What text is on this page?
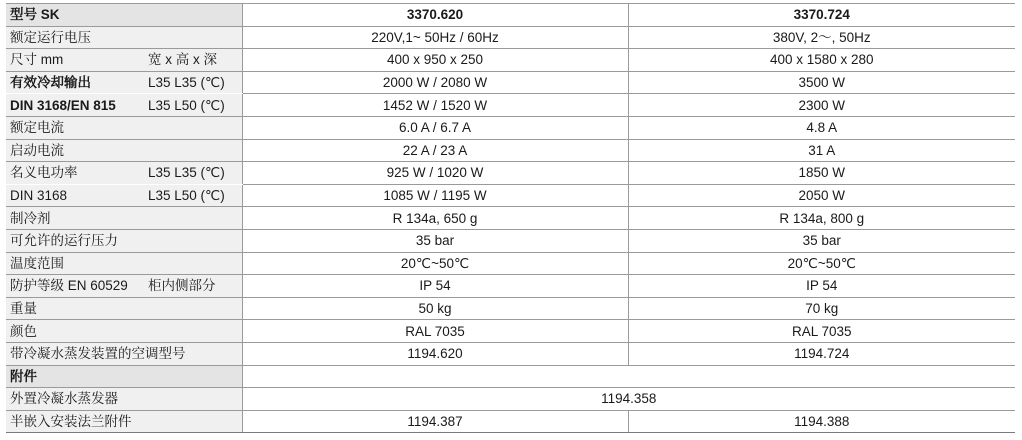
型号 SK		3370.620	3370.724
额定运行电压		220V,1~ 50Hz / 60Hz	380V, 2〜, 50Hz
尺寸 mm	宽 x 高 x 深	400 x 950 x 250	400 x 1580 x 280
有效冷却输出	L35 L35 (℃)	2000 W / 2080 W	3500 W
DIN 3168/EN 815	L35 L50 (℃)	1452 W / 1520 W	2300 W
额定电流		6.0 A / 6.7 A	4.8 A
启动电流		22 A / 23 A	31 A
名义电功率	L35 L35 (℃)	925 W / 1020 W	1850 W
DIN 3168	L35 L50 (℃)	1085 W / 1195 W	2050 W
制冷剂		R 134a, 650 g	R 134a, 800 g
可允许的运行压力		35 bar	35 bar
温度范围		20℃~50℃	20℃~50℃
防护等级 EN 60529	柜内侧部分	IP 54	IP 54
重量		50 kg	70 kg
颜色		RAL 7035	RAL 7035
带冷凝水蒸发装置的空调型号		1194.620	1194.724
附件			
外置冷凝水蒸发器		1194.358	
半嵌入安装法兰附件		1194.387	1194.388
